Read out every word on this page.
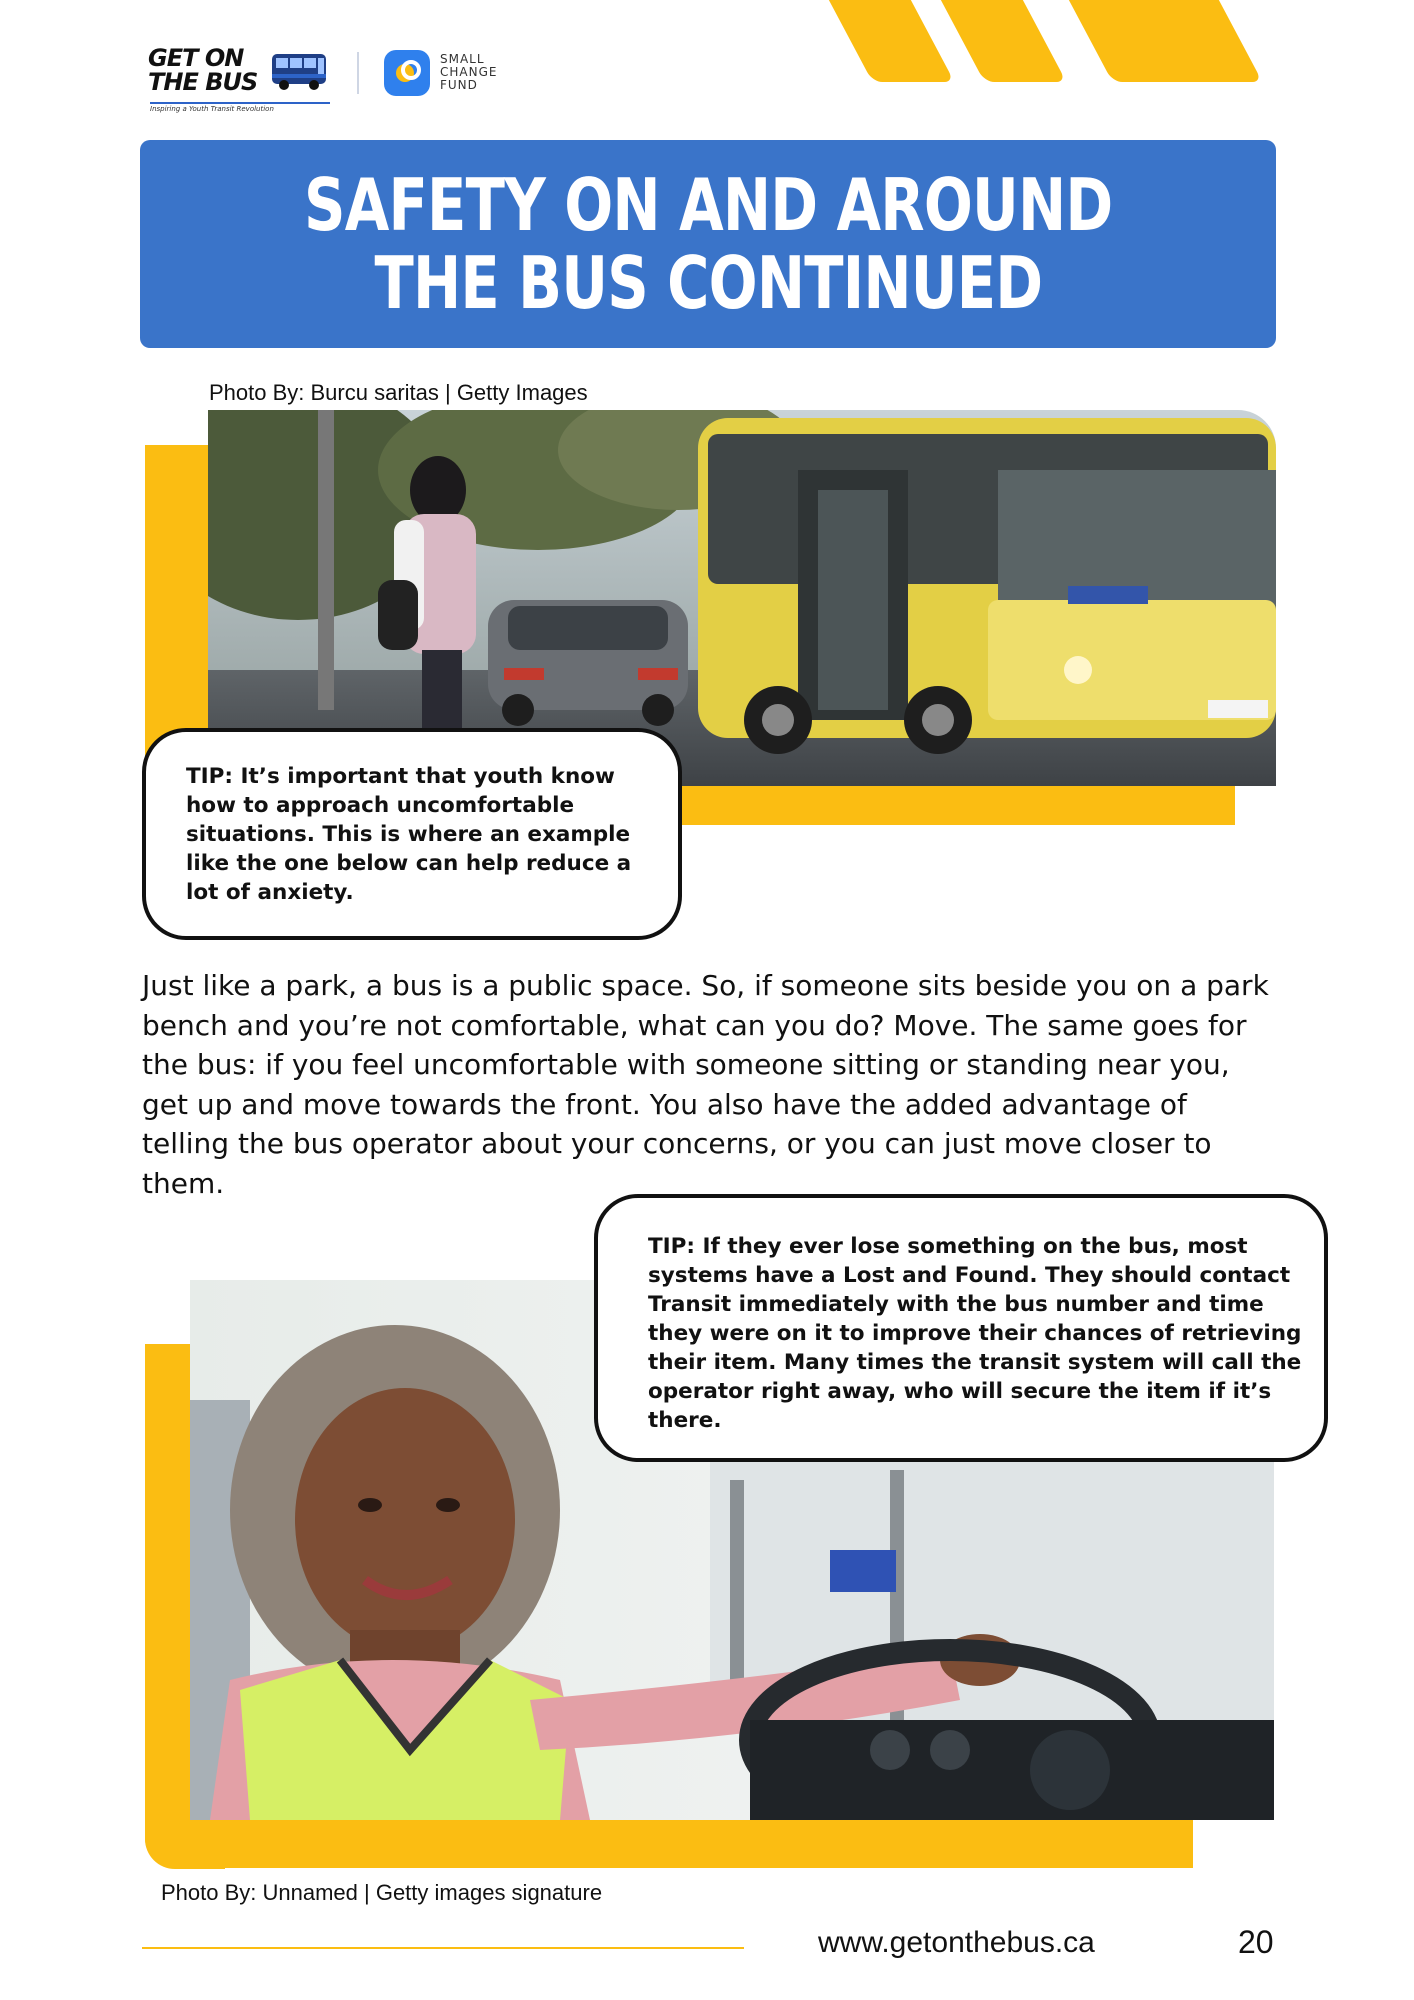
GET ON
THE BUS
Inspiring a Youth Transit Revolution
SMALL
CHANGE
FUND
SAFETY ON AND AROUND
THE BUS CONTINUED
Photo By: Burcu saritas | Getty Images
TIP: It’s important that youth know how to approach uncomfortable situations. This is where an example like the one below can help reduce a lot of anxiety.
Just like a park, a bus is a public space. So, if someone sits beside you on a park bench and you’re not comfortable, what can you do? Move. The same goes for the bus: if you feel uncomfortable with someone sitting or standing near you, get up and move towards the front. You also have the added advantage of telling the bus operator about your concerns, or you can just move closer to them.
TIP: If they ever lose something on the bus, most systems have a Lost and Found. They should contact Transit immediately with the bus number and time they were on it to improve their chances of retrieving their item. Many times the transit system will call the operator right away, who will secure the item if it’s there.
Photo By: Unnamed | Getty images signature
www.getonthebus.ca	20
